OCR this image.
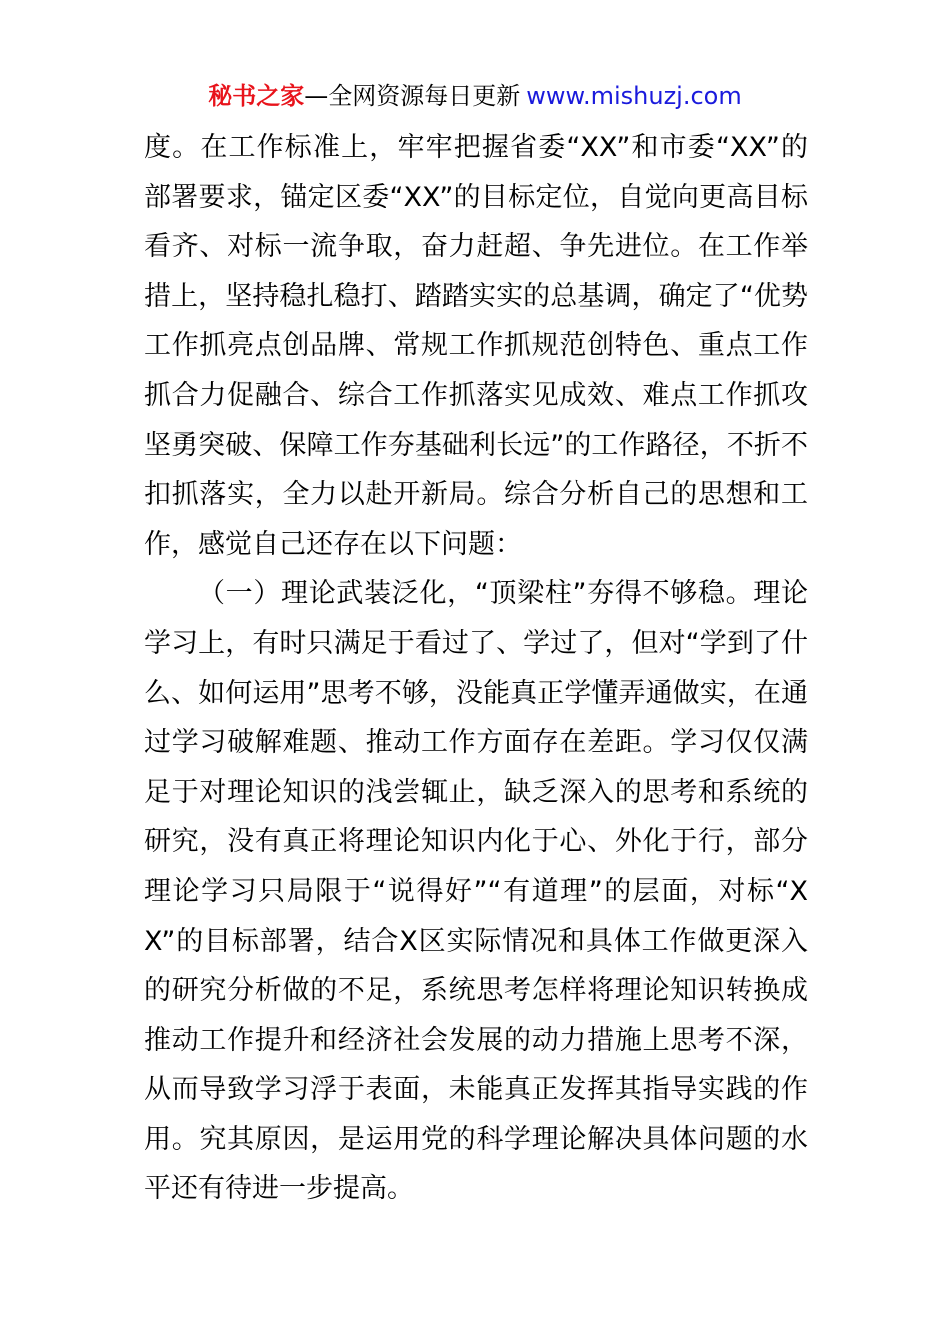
秘书之家—全网资源每日更新 www.mishuzj.com

度。在工作标准上，牢牢把握省委“XX”和市委“XX”的部署要求，锚定区委“XX”的目标定位，自觉向更高目标看齐、对标一流争取，奋力赶超、争先进位。在工作举措上，坚持稳扎稳打、踏踏实实的总基调，确定了“优势工作抓亮点创品牌、常规工作抓规范创特色、重点工作抓合力促融合、综合工作抓落实见成效、难点工作抓攻坚勇突破、保障工作夯基础利长远”的工作路径，不折不扣抓落实，全力以赴开新局。综合分析自己的思想和工作，感觉自己还存在以下问题：

（一）理论武装泛化，“顶梁柱”夯得不够稳。理论学习上，有时只满足于看过了、学过了，但对“学到了什么、如何运用”思考不够，没能真正学懂弄通做实，在通过学习破解难题、推动工作方面存在差距。学习仅仅满足于对理论知识的浅尝辄止，缺乏深入的思考和系统的研究，没有真正将理论知识内化于心、外化于行，部分理论学习只局限于“说得好”“有道理”的层面，对标“XX”的目标部署，结合X区实际情况和具体工作做更深入的研究分析做的不足，系统思考怎样将理论知识转换成推动工作提升和经济社会发展的动力措施上思考不深，从而导致学习浮于表面，未能真正发挥其指导实践的作用。究其原因，是运用党的科学理论解决具体问题的水平还有待进一步提高。
